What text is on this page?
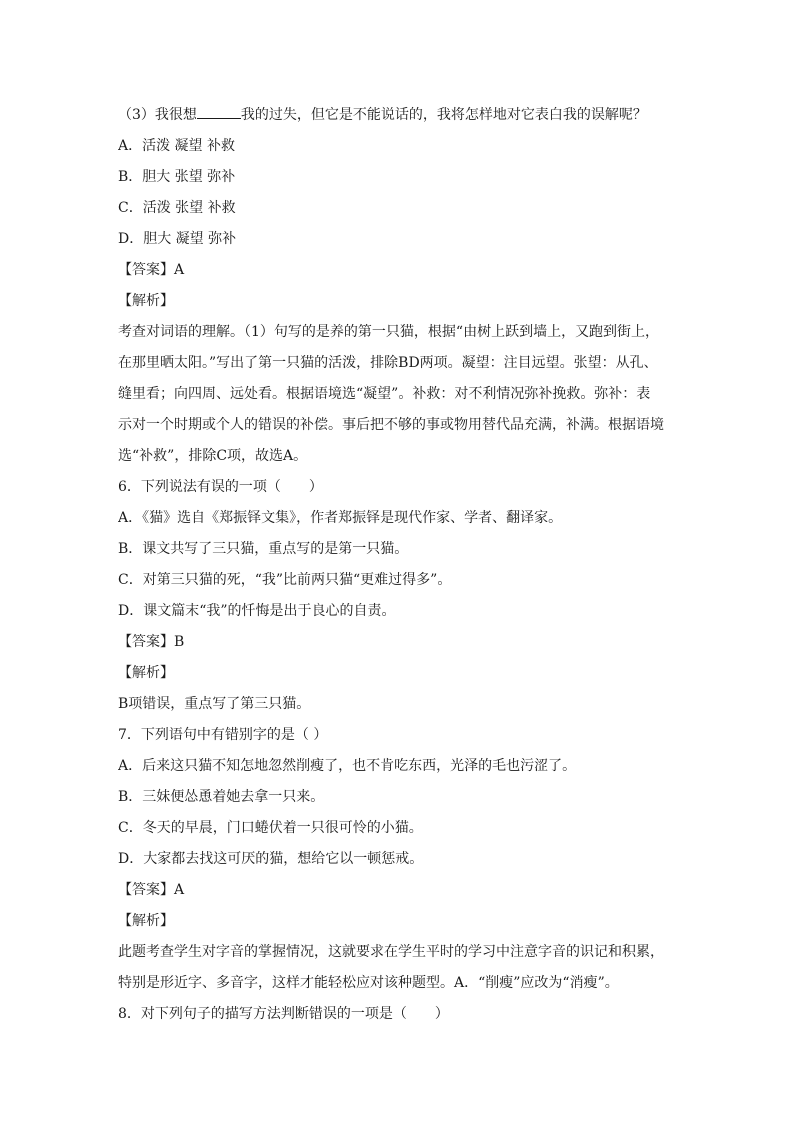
（3）我很想	我的过失，但它是不能说话的，我将怎样地对它表白我的误解呢？
A．活泼 凝望 补救
B．胆大 张望 弥补
C．活泼 张望 补救
D．胆大 凝望 弥补
【答案】A
【解析】
考查对词语的理解。（1）句写的是养的第一只猫，根据“由树上跃到墙上，又跑到街上，
在那里晒太阳。”写出了第一只猫的活泼，排除BD两项。凝望：注目远望。张望：从孔、
缝里看；向四周、远处看。根据语境选“凝望”。补救：对不利情况弥补挽救。弥补：表
示对一个时期或个人的错误的补偿。事后把不够的事或物用替代品充满，补满。根据语境
选“补救”，排除C项，故选A。
6．下列说法有误的一项（　　）
A．《猫》选自《郑振铎文集》，作者郑振铎是现代作家、学者、翻译家。
B．课文共写了三只猫，重点写的是第一只猫。
C．对第三只猫的死，“我”比前两只猫“更难过得多”。
D．课文篇末“我”的忏悔是出于良心的自责。
【答案】B
【解析】
B项错误，重点写了第三只猫。
7．下列语句中有错别字的是（ ）
A．后来这只猫不知怎地忽然削瘦了，也不肯吃东西，光泽的毛也污涩了。
B．三妹便怂恿着她去拿一只来。
C．冬天的早晨，门口蜷伏着一只很可怜的小猫。
D．大家都去找这可厌的猫，想给它以一顿惩戒。
【答案】A
【解析】
此题考查学生对字音的掌握情况，这就要求在学生平时的学习中注意字音的识记和积累，
特别是形近字、多音字，这样才能轻松应对该种题型。A．“削瘦”应改为“消瘦”。
8．对下列句子的描写方法判断错误的一项是（　　）
